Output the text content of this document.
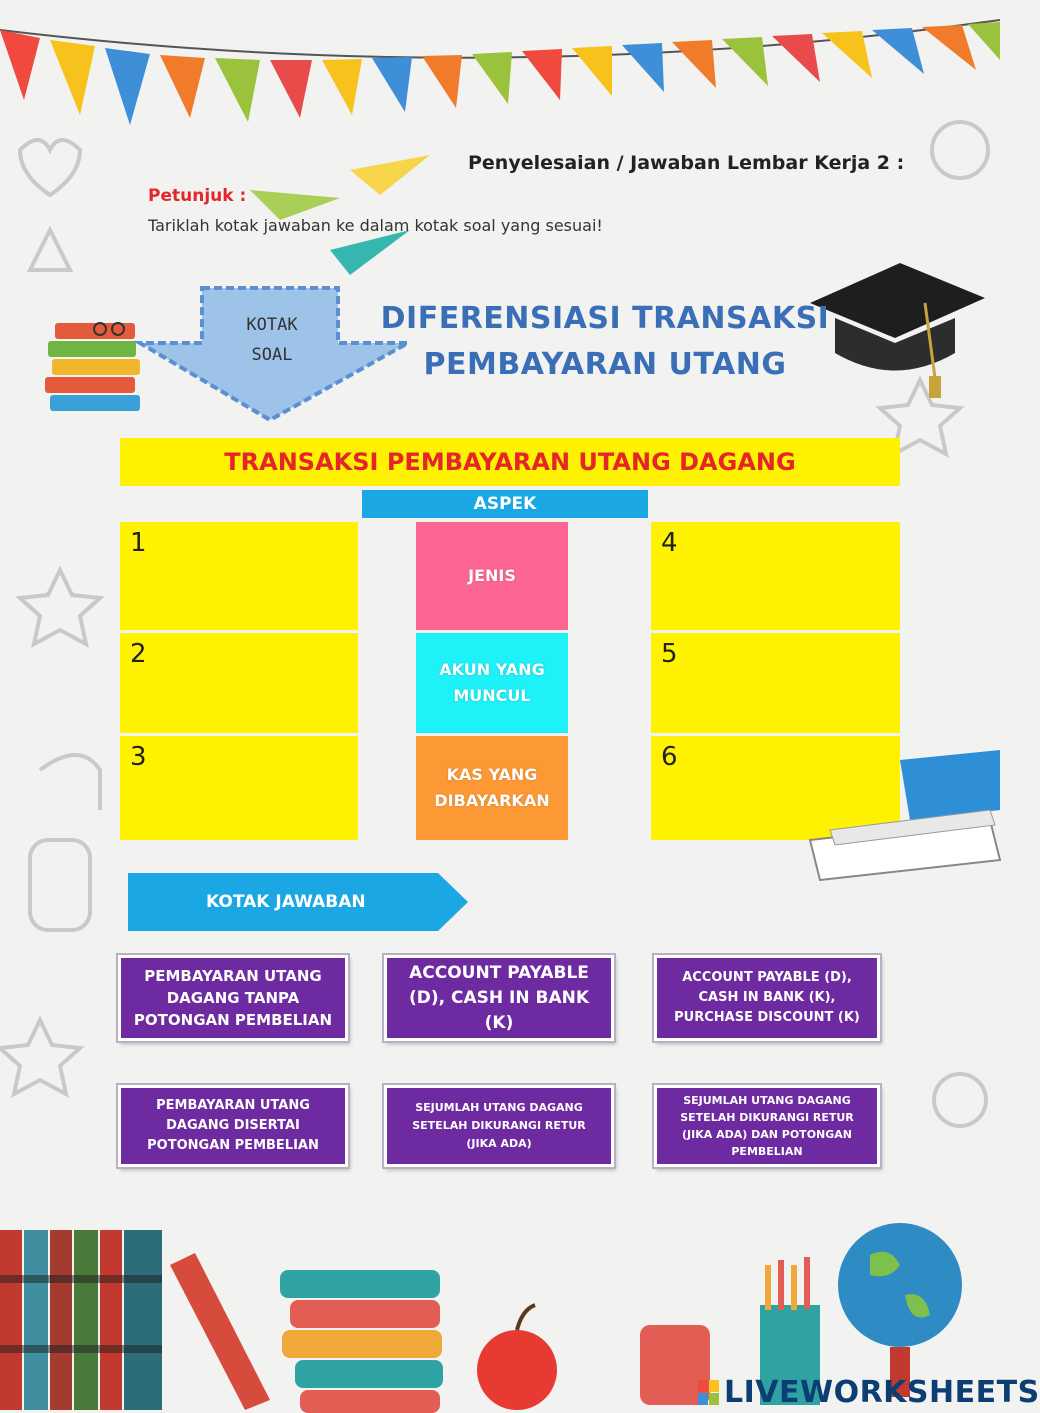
KOTAK
SOAL
Penyelesaian / Jawaban Lembar Kerja 2 :
Petunjuk :
Tariklah kotak jawaban ke dalam kotak soal yang sesuai!
DIFERENSIASI TRANSAKSI
PEMBAYARAN UTANG
TRANSAKSI PEMBAYARAN UTANG DAGANG
ASPEK
1
2
3
4
5
6
JENIS
AKUN YANG
MUNCUL
KAS YANG
DIBAYARKAN
KOTAK JAWABAN
PEMBAYARAN UTANG
DAGANG TANPA
POTONGAN PEMBELIAN
ACCOUNT PAYABLE
(D), CASH IN BANK (K)
ACCOUNT PAYABLE (D),
CASH IN BANK (K),
PURCHASE DISCOUNT (K)
PEMBAYARAN UTANG
DAGANG DISERTAI
POTONGAN PEMBELIAN
SEJUMLAH UTANG DAGANG
SETELAH DIKURANGI RETUR
(JIKA ADA)
SEJUMLAH UTANG DAGANG
SETELAH DIKURANGI RETUR
(JIKA ADA) DAN POTONGAN
PEMBELIAN
LIVEWORKSHEETS
